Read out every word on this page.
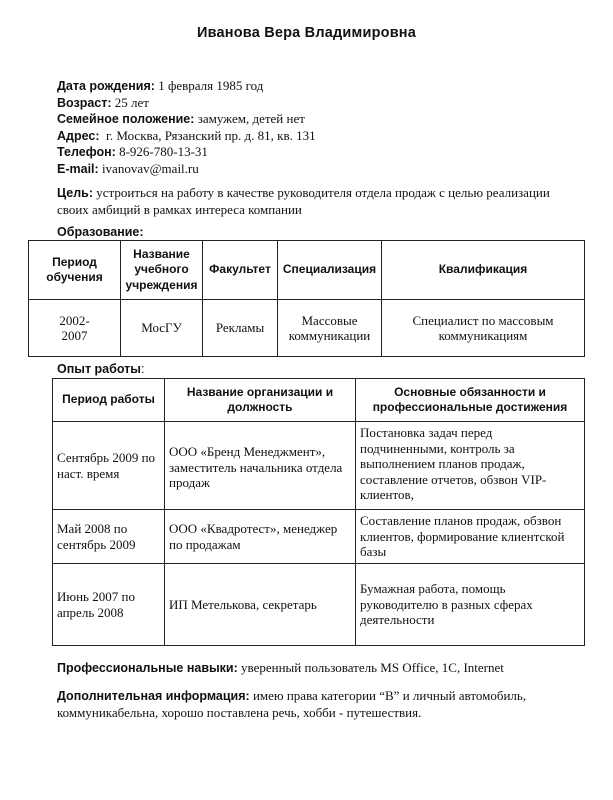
Иванова Вера Владимировна
Дата рождения: 1 февраля 1985 год
Возраст: 25 лет
Семейное положение: замужем, детей нет
Адрес:  г. Москва, Рязанский пр. д. 81, кв. 131
Телефон: 8-926-780-13-31
E-mail: ivanovav@mail.ru
Цель: устроиться на работу в качестве руководителя отдела продаж с целью реализации своих амбиций в рамках интереса компании
Образование:
Период обучения	Название учебного учреждения	Факультет	Специализация	Квалификация
2002-2007	МосГУ	Рекламы	Массовые коммуникации	Специалист по массовым коммуникациям
Опыт работы:
Период работы	Название организации и должность	Основные обязанности и профессиональные достижения
Сентябрь 2009 по наст. время	ООО «Бренд Менеджмент», заместитель начальника отдела продаж	Постановка задач перед подчиненными, контроль за выполнением планов продаж, составление отчетов, обзвон VIP-клиентов,
Май 2008 по сентябрь 2009	ООО «Квадротест», менеджер по продажам	Составление планов продаж, обзвон клиентов, формирование клиентской базы
Июнь 2007 по апрель 2008	ИП Метелькова, секретарь	Бумажная работа, помощь руководителю в разных сферах деятельности
Профессиональные навыки: уверенный пользователь MS Office, 1С, Internet
Дополнительная информация: имею права категории “В” и личный автомобиль, коммуникабельна, хорошо поставлена речь, хобби - путешествия.
